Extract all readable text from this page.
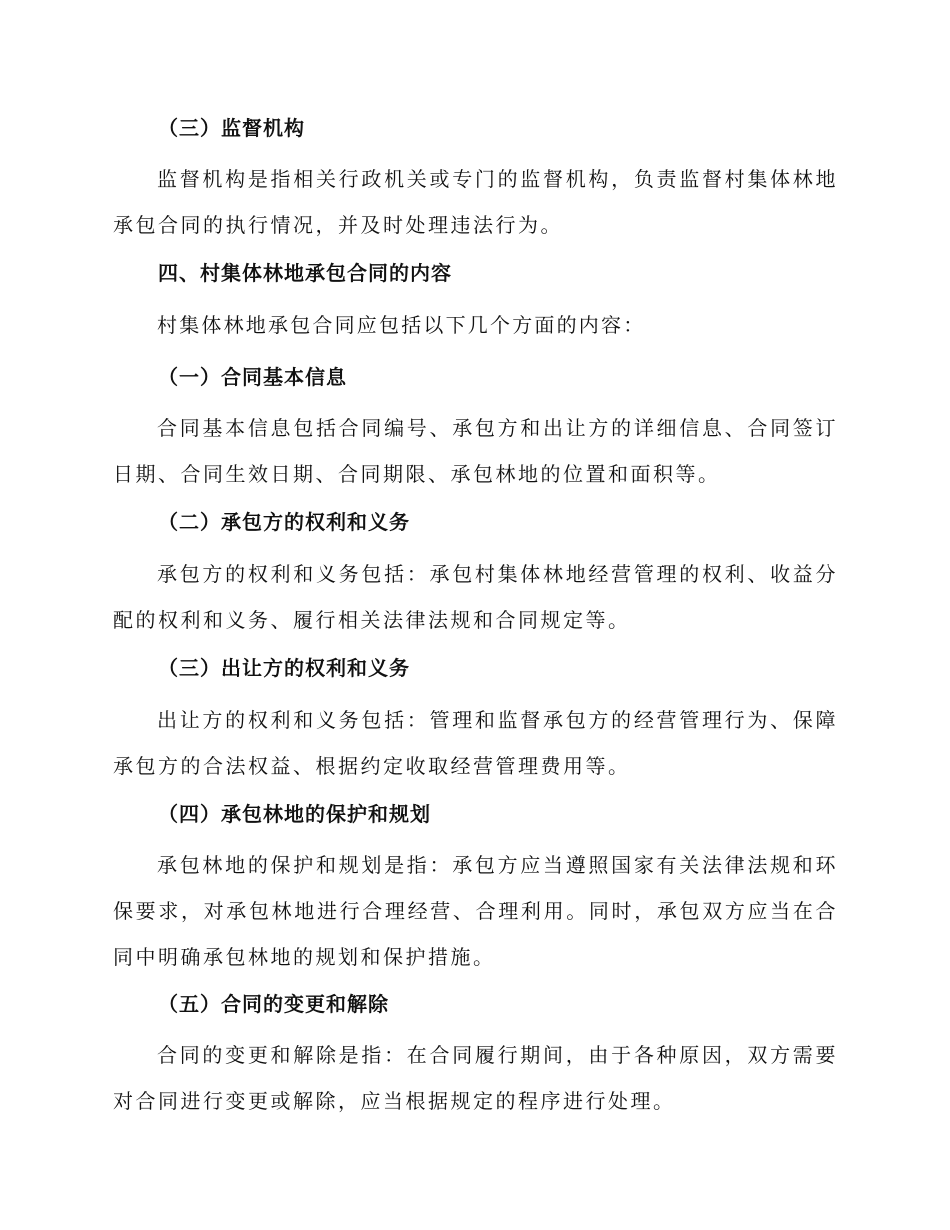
（三）监督机构
监督机构是指相关行政机关或专门的监督机构，负责监督村集体林地承包合同的执行情况，并及时处理违法行为。
四、村集体林地承包合同的内容
村集体林地承包合同应包括以下几个方面的内容：
（一）合同基本信息
合同基本信息包括合同编号、承包方和出让方的详细信息、合同签订日期、合同生效日期、合同期限、承包林地的位置和面积等。
（二）承包方的权利和义务
承包方的权利和义务包括：承包村集体林地经营管理的权利、收益分配的权利和义务、履行相关法律法规和合同规定等。
（三）出让方的权利和义务
出让方的权利和义务包括：管理和监督承包方的经营管理行为、保障承包方的合法权益、根据约定收取经营管理费用等。
（四）承包林地的保护和规划
承包林地的保护和规划是指：承包方应当遵照国家有关法律法规和环保要求，对承包林地进行合理经营、合理利用。同时，承包双方应当在合同中明确承包林地的规划和保护措施。
（五）合同的变更和解除
合同的变更和解除是指：在合同履行期间，由于各种原因，双方需要对合同进行变更或解除，应当根据规定的程序进行处理。
